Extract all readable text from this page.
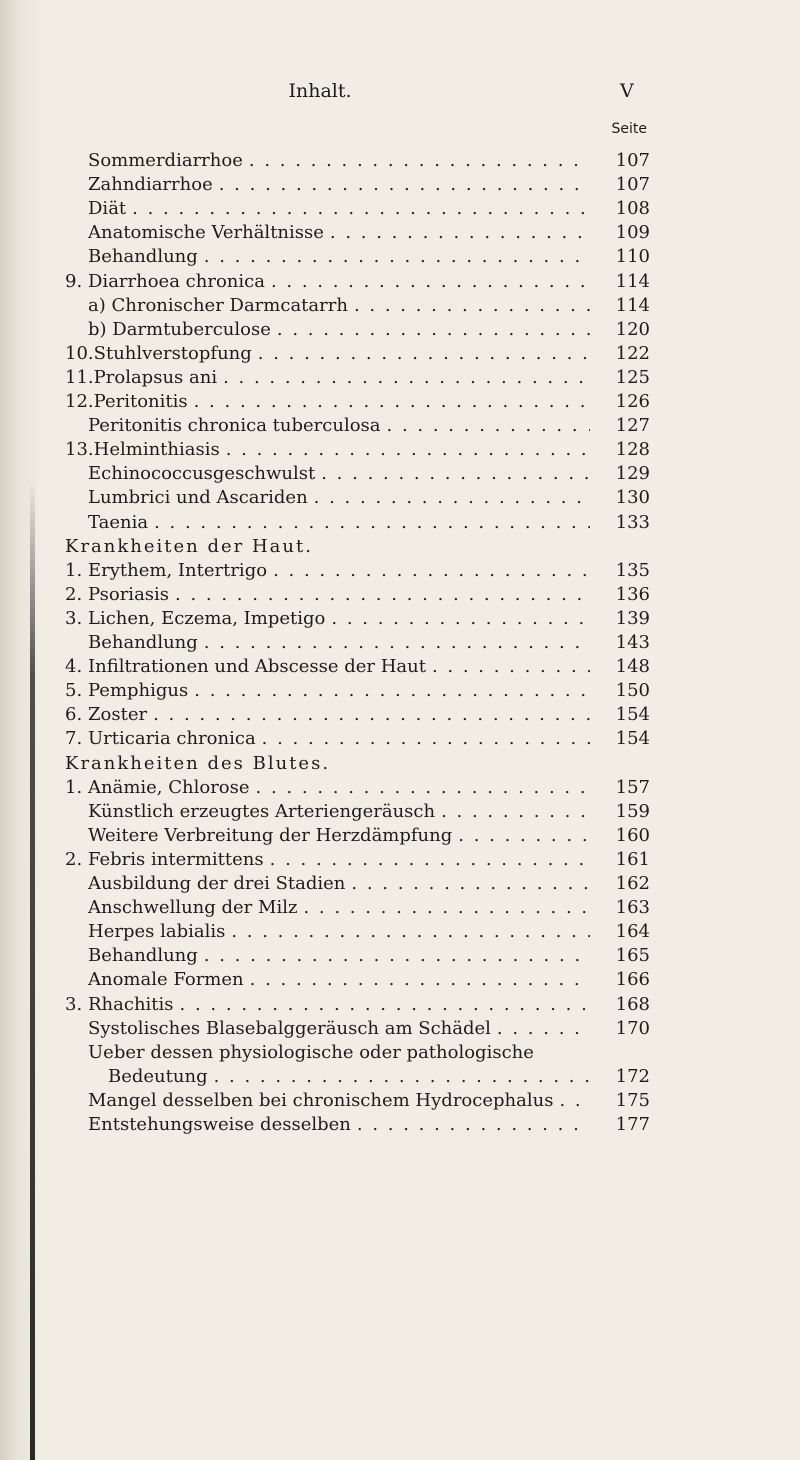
Inhalt.	V
Seite
Sommerdiarrhoe . . .	107
Zahndiarrhoe . . .	107
Diät . . .	108
Anatomische Verhältnisse . . .	109
Behandlung . . .	110
9. Diarrhoea chronica . . .	114
a) Chronischer Darmcatarrh . . .	114
b) Darmtuberculose . . .	120
10.Stuhlverstopfung . . .	122
11.Prolapsus ani . . .	125
12.Peritonitis . . .	126
Peritonitis chronica tuberculosa . . .	127
13.Helminthiasis . . .	128
Echinococcusgeschwulst . . .	129
Lumbrici und Ascariden . . .	130
Taenia . . .	133
Krankheiten der Haut.
1. Erythem, Intertrigo . . .	135
2. Psoriasis . . .	136
3. Lichen, Eczema, Impetigo . . .	139
Behandlung . . .	143
4. Infiltrationen und Abscesse der Haut . . .	148
5. Pemphigus . . .	150
6. Zoster . . .	154
7. Urticaria chronica . . .	154
Krankheiten des Blutes.
1. Anämie, Chlorose . . .	157
Künstlich erzeugtes Arteriengeräusch . . .	159
Weitere Verbreitung der Herzdämpfung . . .	160
2. Febris intermittens . . .	161
Ausbildung der drei Stadien . . .	162
Anschwellung der Milz . . .	163
Herpes labialis . . .	164
Behandlung . . .	165
Anomale Formen . . .	166
3. Rhachitis . . .	168
Systolisches Blasebalggeräusch am Schädel . . .	170
Ueber dessen physiologische oder pathologische
Bedeutung . . .	172
Mangel desselben bei chronischem Hydrocephalus . . .	175
Entstehungsweise desselben . . .	177
